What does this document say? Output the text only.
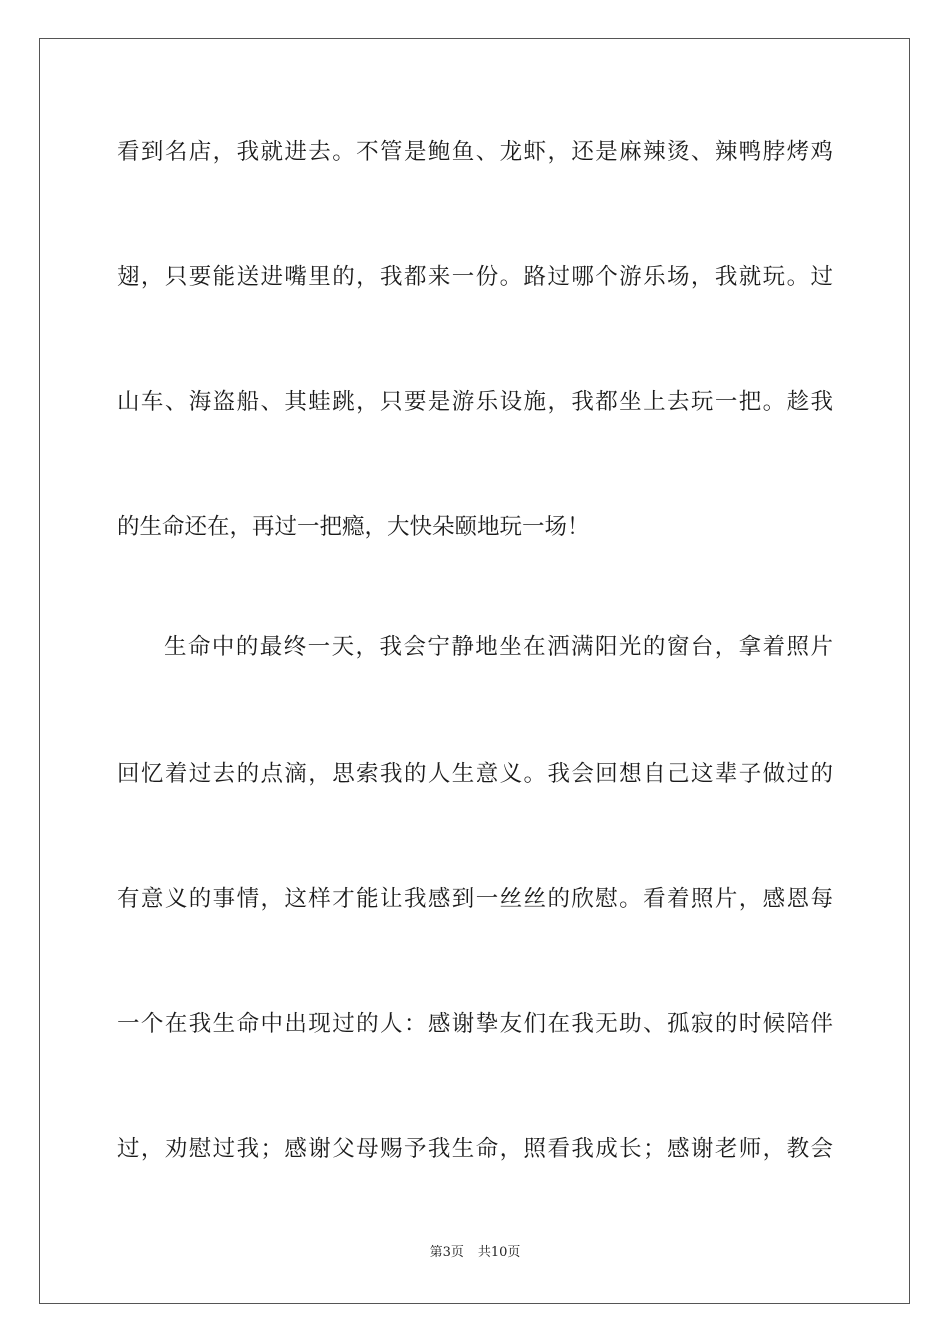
看到名店，我就进去。不管是鲍鱼、龙虾，还是麻辣烫、辣鸭脖烤鸡
翅，只要能送进嘴里的，我都来一份。路过哪个游乐场，我就玩。过
山车、海盗船、其蛙跳，只要是游乐设施，我都坐上去玩一把。趁我
的生命还在，再过一把瘾，大快朵颐地玩一场！
生命中的最终一天，我会宁静地坐在洒满阳光的窗台，拿着照片
回忆着过去的点滴，思索我的人生意义。我会回想自己这辈子做过的
有意义的事情，这样才能让我感到一丝丝的欣慰。看着照片，感恩每
一个在我生命中出现过的人：感谢挚友们在我无助、孤寂的时候陪伴
过，劝慰过我；感谢父母赐予我生命，照看我成长；感谢老师，教会
第3页 共10页
